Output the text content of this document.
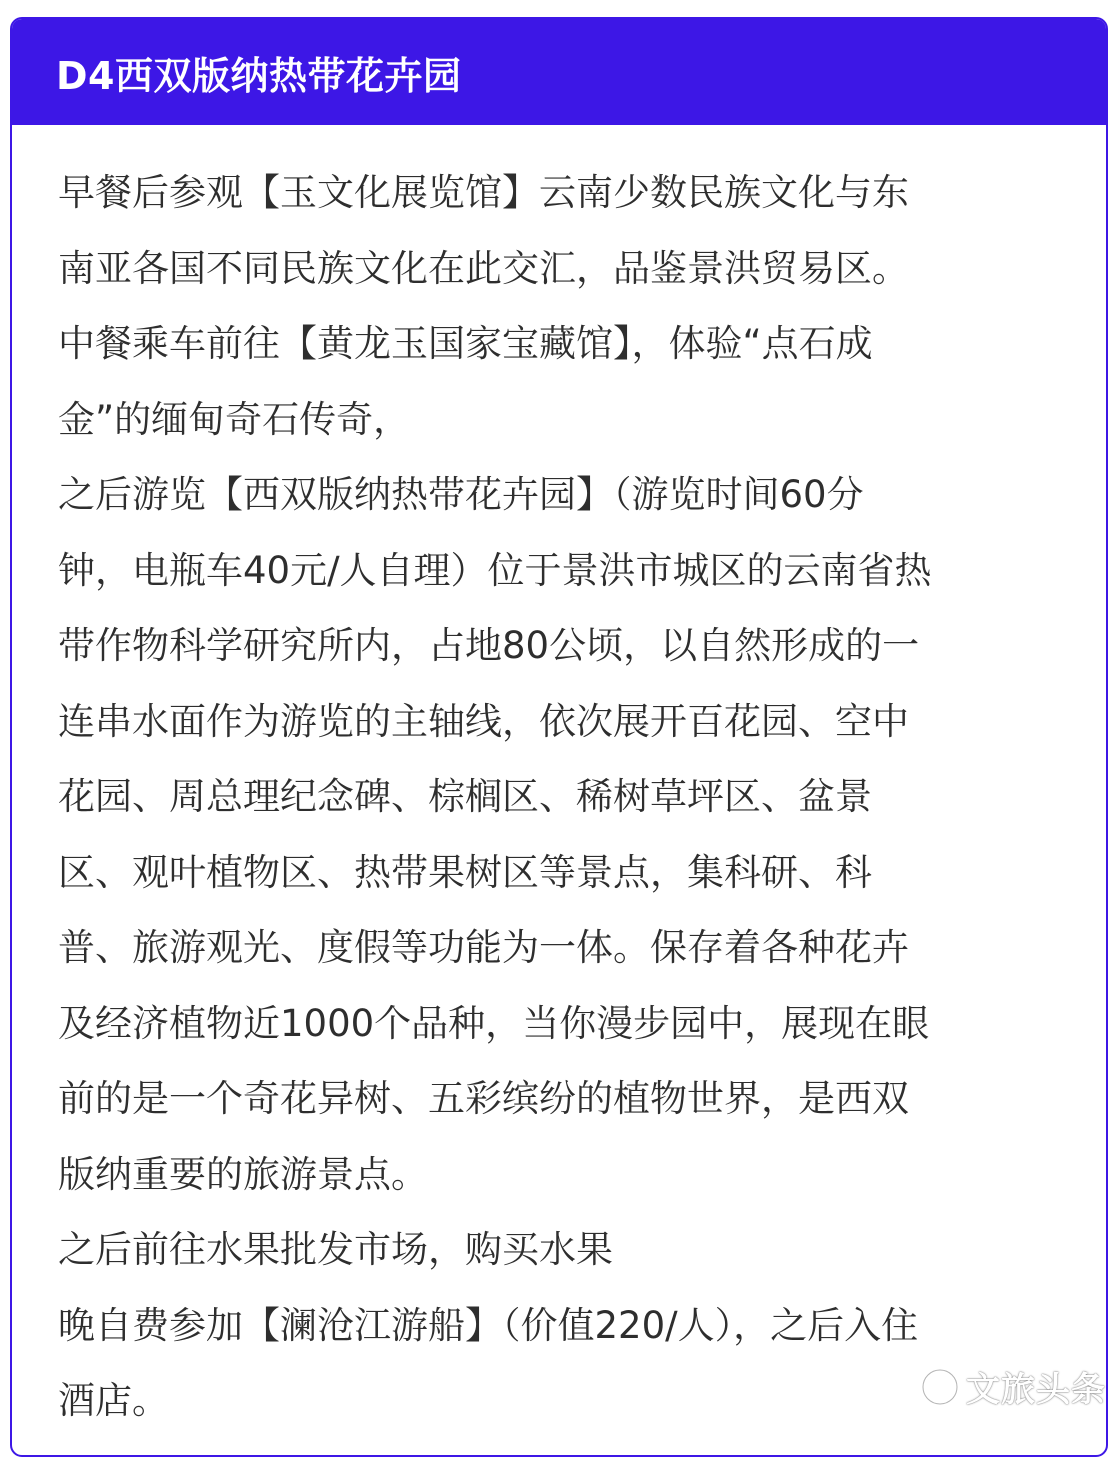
D4西双版纳热带花卉园

早餐后参观【玉文化展览馆】云南少数民族文化与东

南亚各国不同民族文化在此交汇，品鉴景洪贸易区。

中餐乘车前往【黄龙玉国家宝藏馆】，体验“点石成

金”的缅甸奇石传奇，

之后游览【西双版纳热带花卉园】（游览时间60分

钟，电瓶车40元/人自理）位于景洪市城区的云南省热

带作物科学研究所内，占地80公顷，以自然形成的一

连串水面作为游览的主轴线，依次展开百花园、空中

花园、周总理纪念碑、棕榈区、稀树草坪区、盆景

区、观叶植物区、热带果树区等景点，集科研、科

普、旅游观光、度假等功能为一体。保存着各种花卉

及经济植物近1000个品种，当你漫步园中，展现在眼

前的是一个奇花异树、五彩缤纷的植物世界，是西双

版纳重要的旅游景点。

之后前往水果批发市场，购买水果

晚自费参加【澜沧江游船】（价值220/人），之后入住

酒店。	文旅头条
